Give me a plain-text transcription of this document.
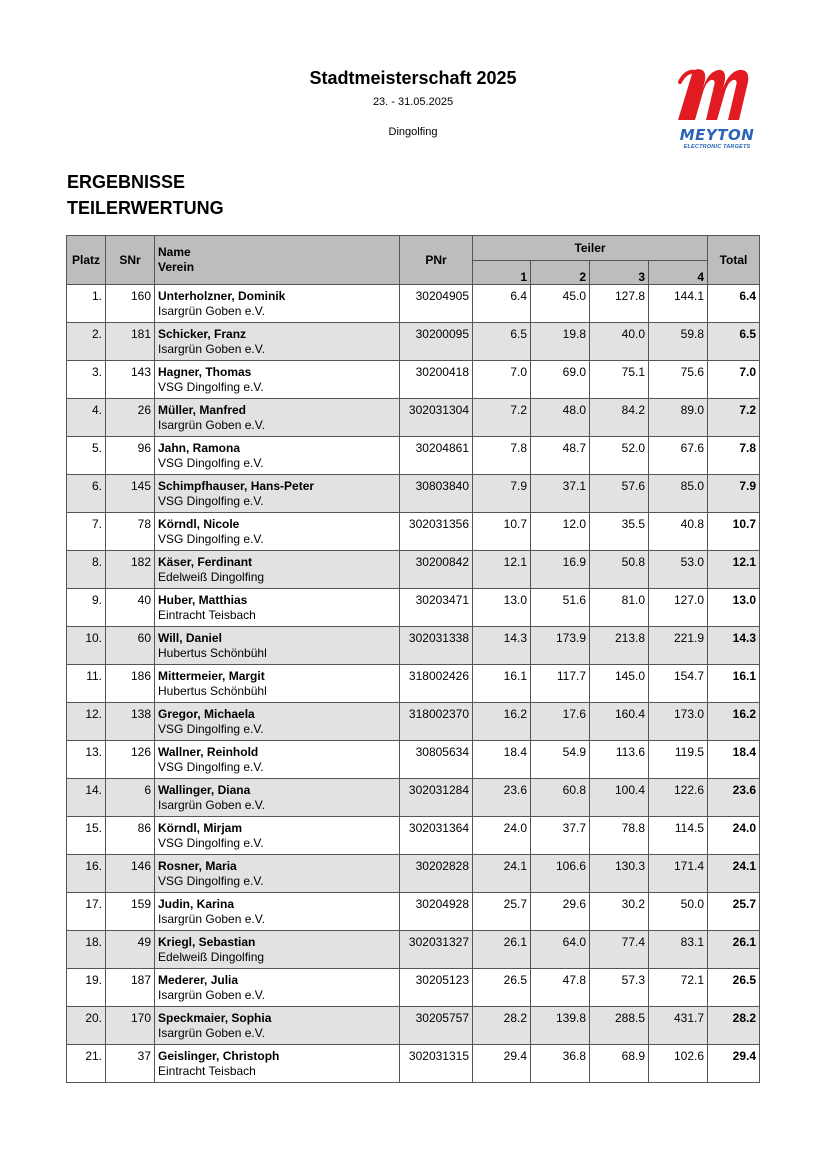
Stadtmeisterschaft 2025
23. - 31.05.2025
Dingolfing	MEYTON
ELECTRONIC TARGETS
ERGEBNISSE
TEILERWERTUNG
Platz	SNr	Name
Verein	PNr	Teiler				Total
				1	2	3	4	
1.	160	Unterholzner, Dominik
Isargrün Goben e.V.	30204905	6.4	45.0	127.8	144.1	6.4
2.	181	Schicker, Franz
Isargrün Goben e.V.	30200095	6.5	19.8	40.0	59.8	6.5
3.	143	Hagner, Thomas
VSG Dingolfing e.V.	30200418	7.0	69.0	75.1	75.6	7.0
4.	26	Müller, Manfred
Isargrün Goben e.V.	302031304	7.2	48.0	84.2	89.0	7.2
5.	96	Jahn, Ramona
VSG Dingolfing e.V.	30204861	7.8	48.7	52.0	67.6	7.8
6.	145	Schimpfhauser, Hans-Peter
VSG Dingolfing e.V.	30803840	7.9	37.1	57.6	85.0	7.9
7.	78	Körndl, Nicole
VSG Dingolfing e.V.	302031356	10.7	12.0	35.5	40.8	10.7
8.	182	Käser, Ferdinant
Edelweiß Dingolfing	30200842	12.1	16.9	50.8	53.0	12.1
9.	40	Huber, Matthias
Eintracht Teisbach	30203471	13.0	51.6	81.0	127.0	13.0
10.	60	Will, Daniel
Hubertus Schönbühl	302031338	14.3	173.9	213.8	221.9	14.3
11.	186	Mittermeier, Margit
Hubertus Schönbühl	318002426	16.1	117.7	145.0	154.7	16.1
12.	138	Gregor, Michaela
VSG Dingolfing e.V.	318002370	16.2	17.6	160.4	173.0	16.2
13.	126	Wallner, Reinhold
VSG Dingolfing e.V.	30805634	18.4	54.9	113.6	119.5	18.4
14.	6	Wallinger, Diana
Isargrün Goben e.V.	302031284	23.6	60.8	100.4	122.6	23.6
15.	86	Körndl, Mirjam
VSG Dingolfing e.V.	302031364	24.0	37.7	78.8	114.5	24.0
16.	146	Rosner, Maria
VSG Dingolfing e.V.	30202828	24.1	106.6	130.3	171.4	24.1
17.	159	Judin, Karina
Isargrün Goben e.V.	30204928	25.7	29.6	30.2	50.0	25.7
18.	49	Kriegl, Sebastian
Edelweiß Dingolfing	302031327	26.1	64.0	77.4	83.1	26.1
19.	187	Mederer, Julia
Isargrün Goben e.V.	30205123	26.5	47.8	57.3	72.1	26.5
20.	170	Speckmaier, Sophia
Isargrün Goben e.V.	30205757	28.2	139.8	288.5	431.7	28.2
21.	37	Geislinger, Christoph
Eintracht Teisbach	302031315	29.4	36.8	68.9	102.6	29.4
